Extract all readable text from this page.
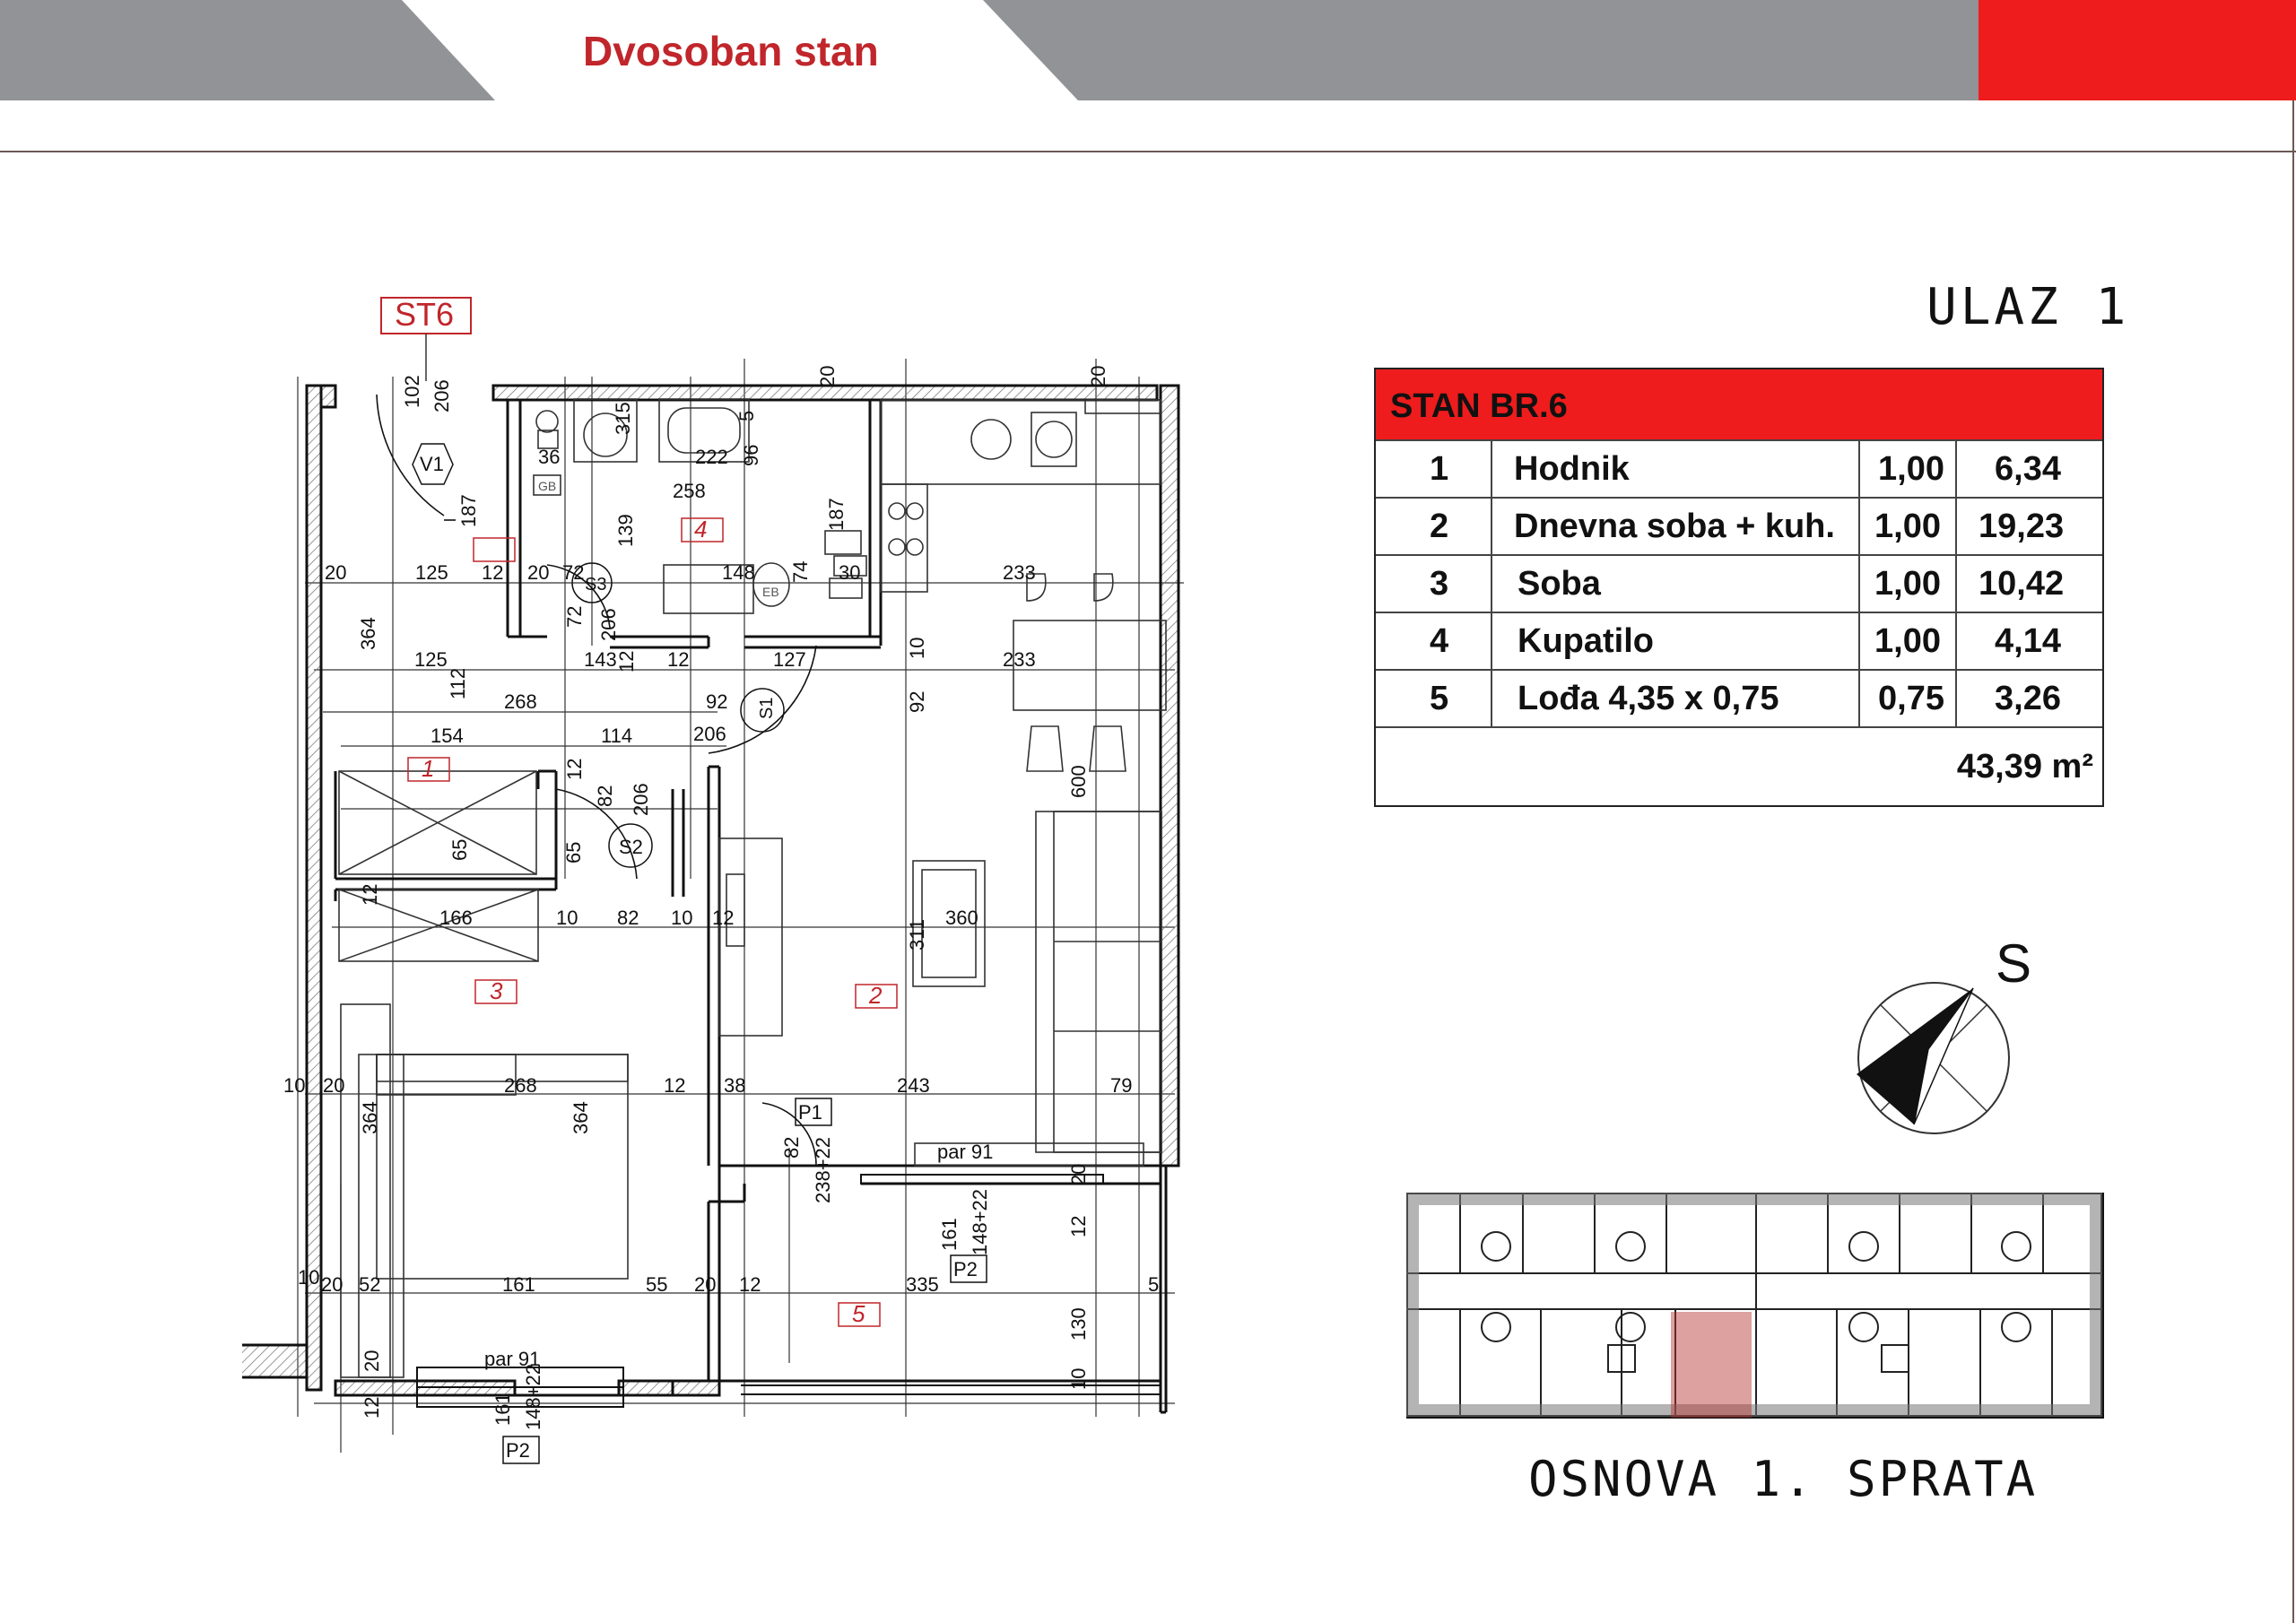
Dvosoban stan
ULAZ 1
STAN BR.6
1 Hodnik	1,00 6,34
2 Dnevna soba + kuh. 1,00 19,23
3 Soba	1,00 10,42
4 Kupatilo	1,00 4,14
5 Lođa 4,35 x 0,75	0,75 3,26
43,39 m²
GB
EB
ST6
V1
S3
S1
S2
P1
P2
P2
4
1
3	2
5
102 206
187
315	5
36	222 96
258
139	187
20	20
20	125 12 20 72	148 74 30	233
364
72 206
125	143
12 12	127
10
233
112
268	92	92
154	114	206
12
82 206
600
65	65
12
166	10 82 10 12	360
311
10 20	268	12 38	243	79
364	364
82 238+22	par 91
161 148+22
20
12
10 20 52	161	55 20 12	335	5
130
par 91
10
20
12	161 148+22
S
OSNOVA 1. SPRATA
